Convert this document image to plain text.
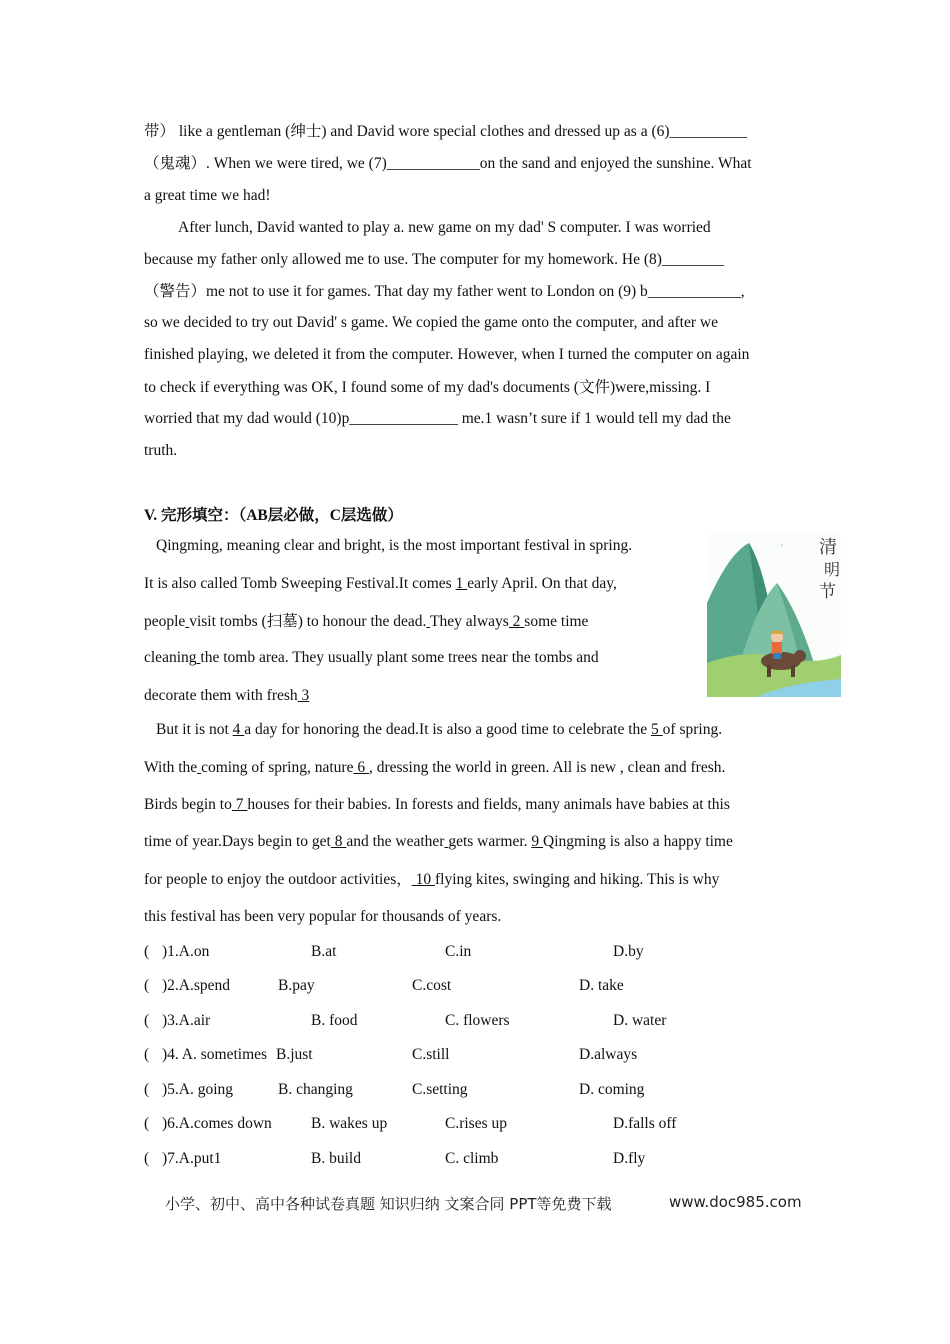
带） like a gentleman (绅士) and David wore special clothes and dressed up as a (6)__________
（鬼魂）. When we were tired, we (7)____________on the sand and enjoyed the sunshine. What
a great time we had!
After lunch, David wanted to play a. new game on my dad' S computer. I was worried
because my father only allowed me to use. The computer for my homework. He (8)________
（警告）me not to use it for games. That day my father went to London on (9) b____________,
so we decided to try out David' s game. We copied the game onto the computer, and after we
finished playing, we deleted it from the computer. However, when I turned the computer on again
to check if everything was OK, I found some of my dad's documents (文件)were,missing. I
worried that my dad would (10)p______________ me.1 wasn’t sure if 1 would tell my dad the
truth.
V. 完形填空：（AB层必做，C层选做）
Qingming, meaning clear and bright, is the most important festival in spring.
It is also called Tomb Sweeping Festival.It comes 1 early April. On that day,
people visit tombs (扫墓) to honour the dead. They always 2 some time
cleaning the tomb area. They usually plant some trees near the tombs and
decorate them with fresh 3
清
明
节
But it is not 4 a day for honoring the dead.It is also a good time to celebrate the 5 of spring.
With the coming of spring, nature 6 , dressing the world in green. All is new , clean and fresh.
Birds begin to 7 houses for their babies. In forests and fields, many animals have babies at this
time of year.Days begin to get 8 and the weather gets warmer. 9 Qingming is also a happy time
for people to enjoy the outdoor activities， 10 flying kites, swinging and hiking. This is why
this festival has been very popular for thousands of years.
( )1.A.on	B.at	C.in	D.by
( )2.A.spend	B.pay	C.cost	D. take
( )3.A.air	B. food	C. flowers	D. water
( )4. A. sometimes B.just	C.still	D.always
( )5.A. going	B. changing	C.setting	D. coming
( )6.A.comes down	B. wakes up	C.rises up	D.falls off
( )7.A.put1	B. build	C. climb	D.fly
小学、初中、高中各种试卷真题 知识归纳 文案合同 PPT等免费下载	www.doc985.com
